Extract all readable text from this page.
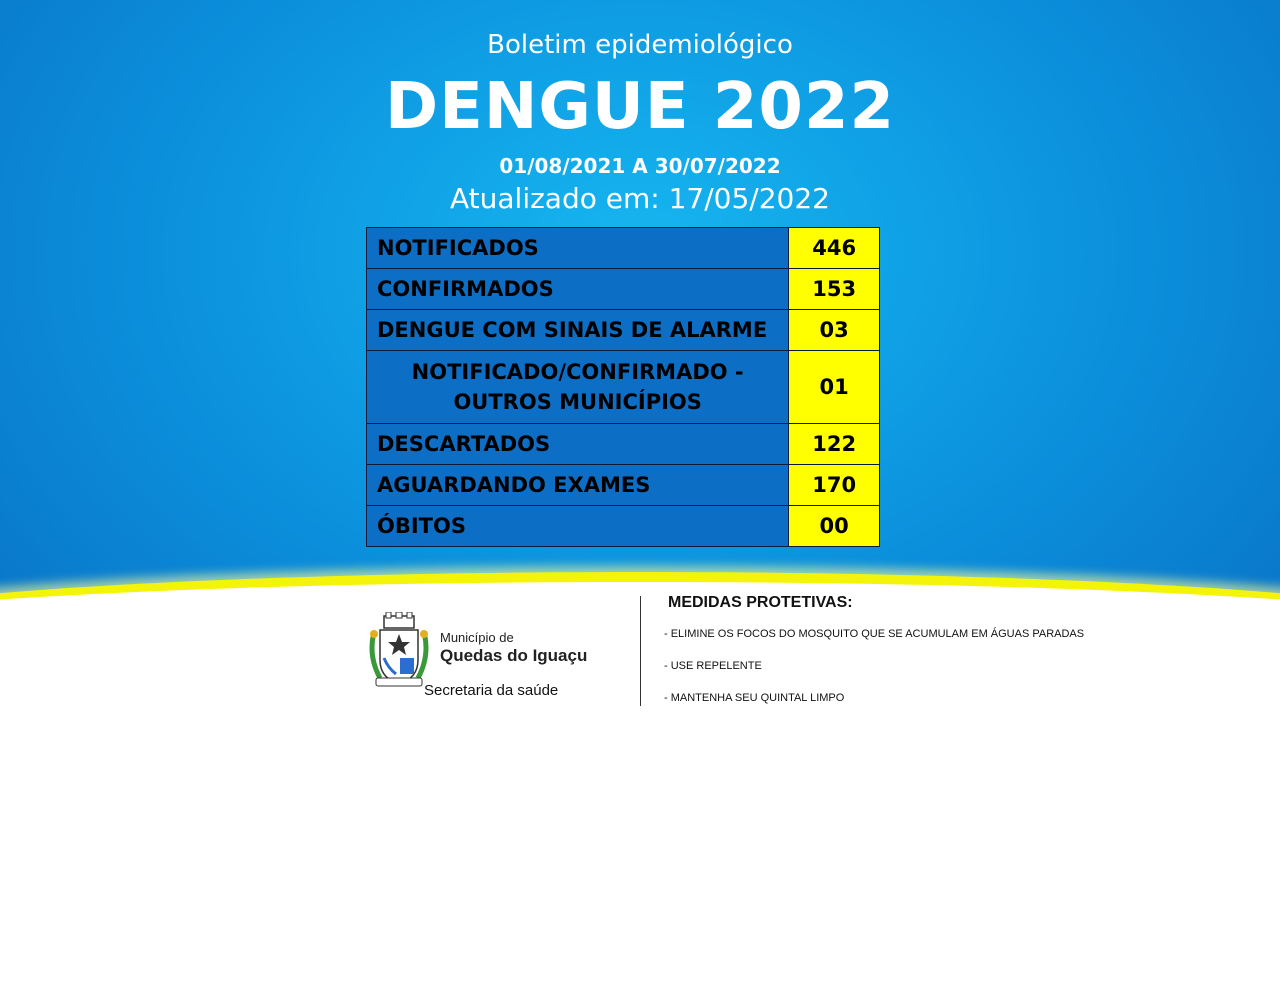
Boletim epidemiológico
DENGUE 2022
01/08/2021 A 30/07/2022
Atualizado em: 17/05/2022
NOTIFICADOS	446
CONFIRMADOS	153
DENGUE COM SINAIS DE ALARME	03

NOTIFICADO/CONFIRMADO -
OUTROS MUNICÍPIOS	01
DESCARTADOS	122
AGUARDANDO EXAMES	170
ÓBITOS	00
Município de
Quedas do Iguaçu
Secretaria da saúde
MEDIDAS PROTETIVAS:
- ELIMINE OS FOCOS DO MOSQUITO QUE SE ACUMULAM EM ÁGUAS PARADAS
- USE REPELENTE
- MANTENHA SEU QUINTAL LIMPO
